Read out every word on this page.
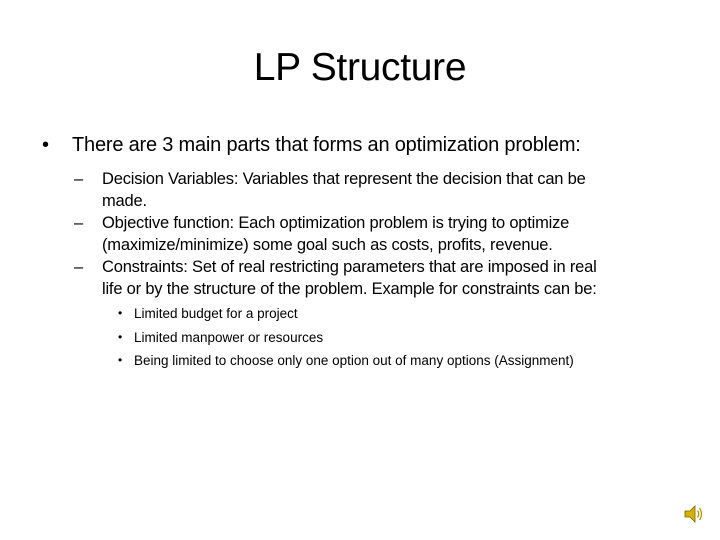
LP Structure
• There are 3 main parts that forms an optimization problem:
– Decision Variables: Variables that represent the decision that can be
made.
– Objective function: Each optimization problem is trying to optimize
(maximize/minimize) some goal such as costs, profits, revenue.
– Constraints: Set of real restricting parameters that are imposed in real
life or by the structure of the problem. Example for constraints can be:
• Limited budget for a project
• Limited manpower or resources
• Being limited to choose only one option out of many options (Assignment)
